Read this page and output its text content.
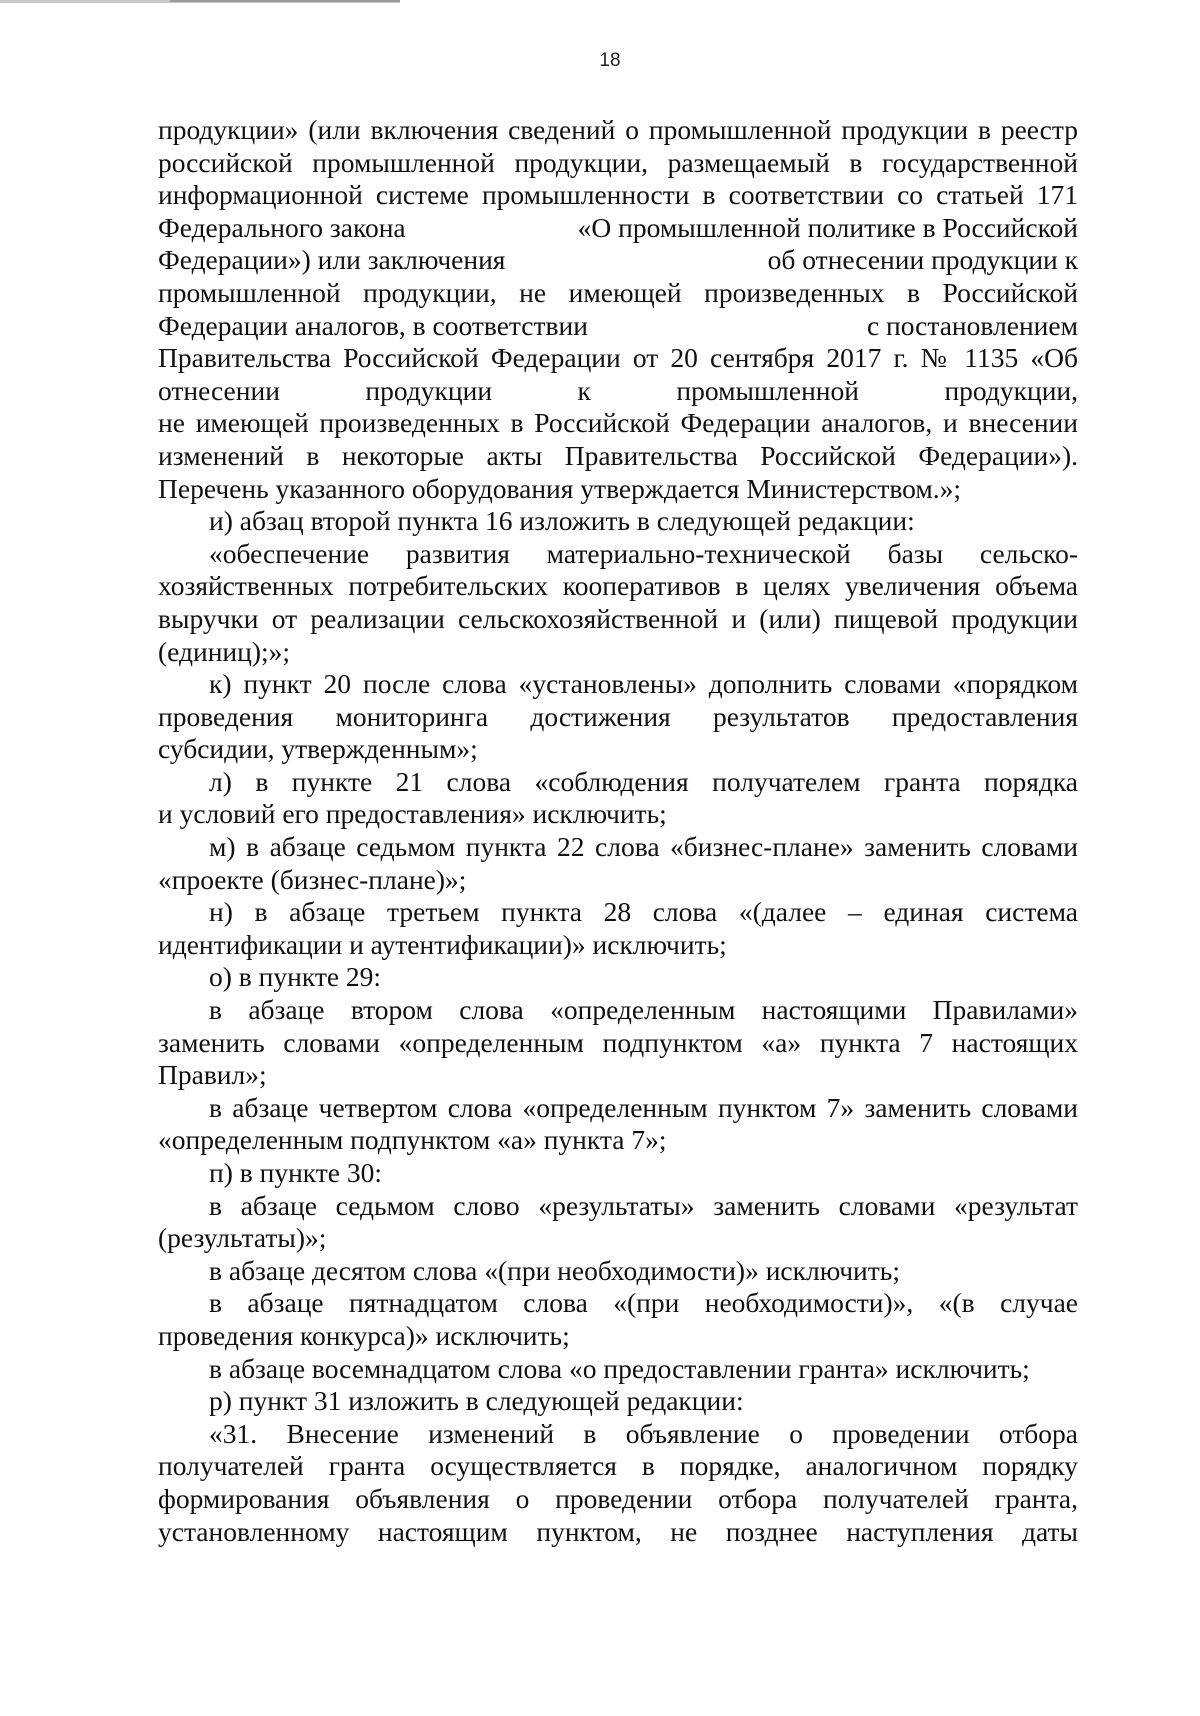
18
продукции» (или включения сведений о промышленной продукции в реестр
российской промышленной продукции, размещаемый в государственной
информационной системе промышленности в соответствии со статьей 171
Федерального закона	«О промышленной политике в Российской
Федерации») или заключения	об отнесении продукции к
промышленной продукции, не имеющей произведенных в Российской
Федерации аналогов, в соответствии	с постановлением
Правительства Российской Федерации от 20 сентября 2017 г. № 1135 «Об
отнесении продукции к промышленной продукции,
не имеющей произведенных в Российской Федерации аналогов, и внесении
изменений в некоторые акты Правительства Российской Федерации»).
Перечень указанного оборудования утверждается Министерством.»;
и) абзац второй пункта 16 изложить в следующей редакции:
«обеспечение развития материально-технической базы сельско-
хозяйственных потребительских кооперативов в целях увеличения объема
выручки от реализации сельскохозяйственной и (или) пищевой продукции
(единиц);»;
к) пункт 20 после слова «установлены» дополнить словами «порядком
проведения мониторинга достижения результатов предоставления
субсидии, утвержденным»;
л) в пункте 21 слова «соблюдения получателем гранта порядка
и условий его предоставления» исключить;
м) в абзаце седьмом пункта 22 слова «бизнес-плане» заменить словами
«проекте (бизнес-плане)»;
н) в абзаце третьем пункта 28 слова «(далее – единая система
идентификации и аутентификации)» исключить;
о) в пункте 29:
в абзаце втором слова «определенным настоящими Правилами»
заменить словами «определенным подпунктом «а» пункта 7 настоящих
Правил»;
в абзаце четвертом слова «определенным пунктом 7» заменить словами
«определенным подпунктом «а» пункта 7»;
п) в пункте 30:
в абзаце седьмом слово «результаты» заменить словами «результат
(результаты)»;
в абзаце десятом слова «(при необходимости)» исключить;
в абзаце пятнадцатом слова «(при необходимости)», «(в случае
проведения конкурса)» исключить;
в абзаце восемнадцатом слова «о предоставлении гранта» исключить;
р) пункт 31 изложить в следующей редакции:
«31. Внесение изменений в объявление о проведении отбора
получателей гранта осуществляется в порядке, аналогичном порядку
формирования объявления о проведении отбора получателей гранта,
установленному настоящим пунктом, не позднее наступления даты
